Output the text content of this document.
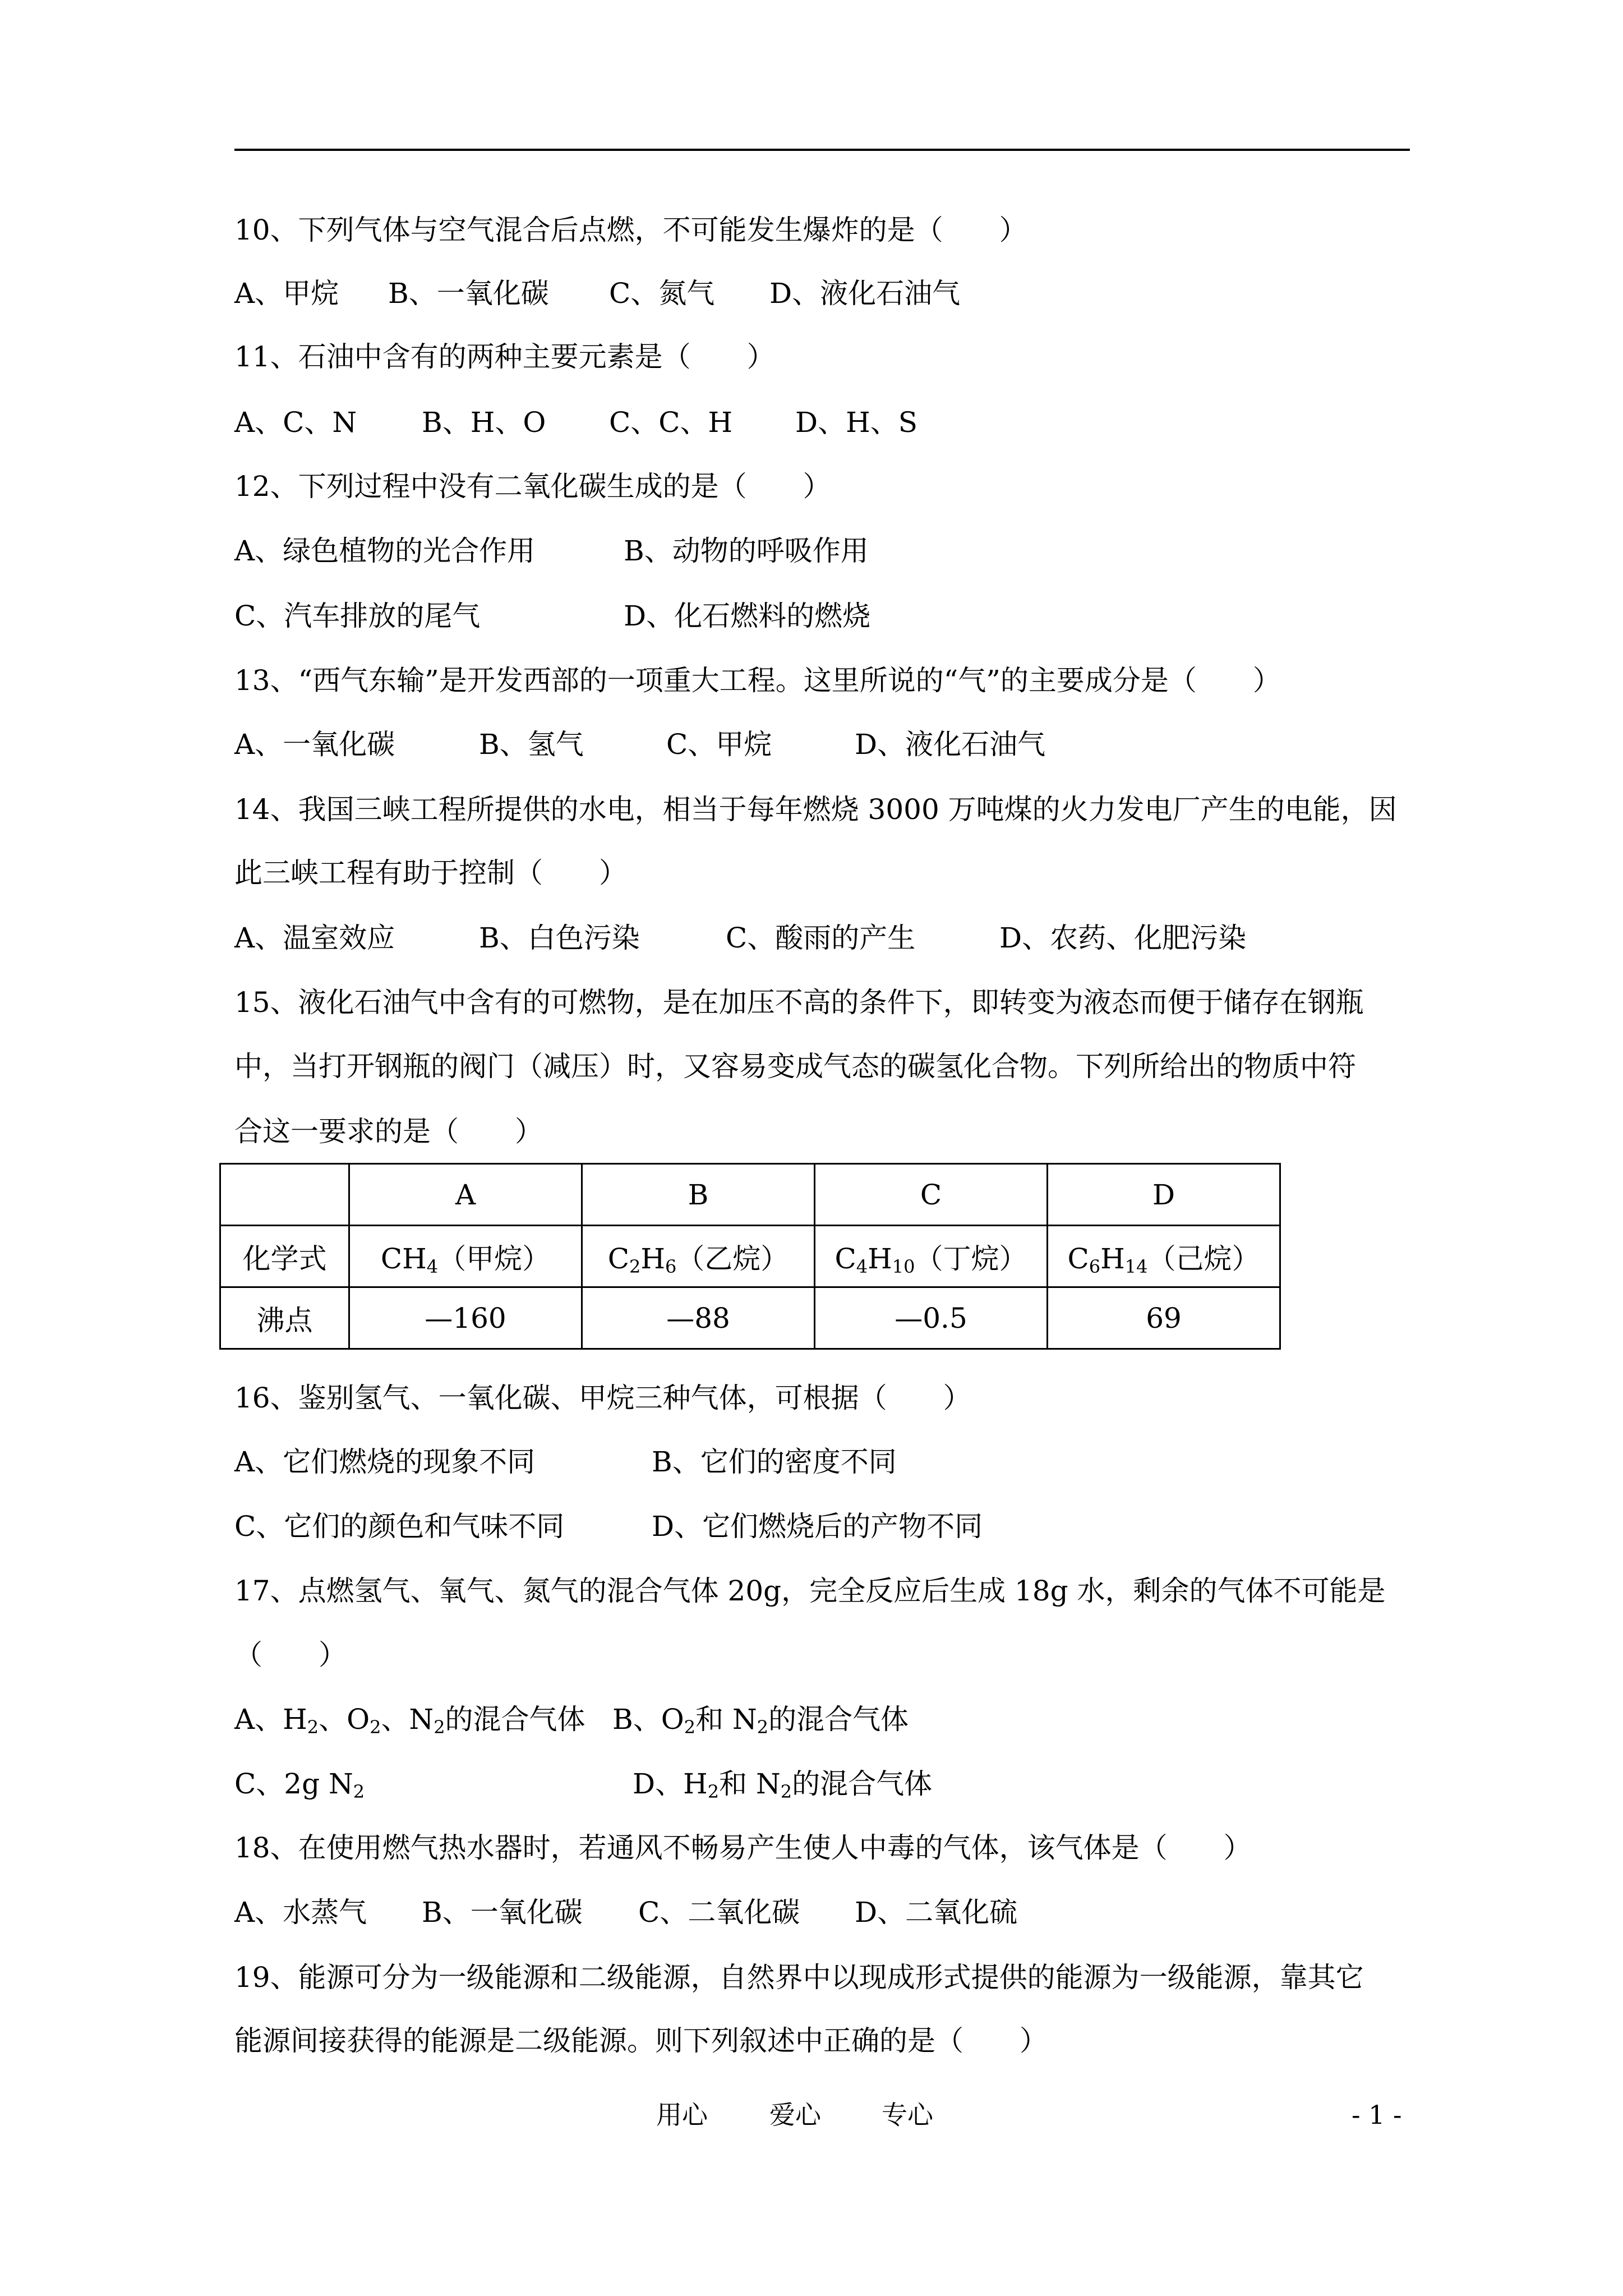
10、下列气体与空气混合后点燃，不可能发生爆炸的是（　　）

A、甲烷

B、一氧化碳

C、氮气

D、液化石油气

11、石油中含有的两种主要元素是（　　）

A、C、N

B、H、O

C、C、H

D、H、S

12、下列过程中没有二氧化碳生成的是（　　）

A、绿色植物的光合作用

	B、动物的呼吸作用

C、汽车排放的尾气

	D、化石燃料的燃烧

13、“西气东输”是开发西部的一项重大工程。这里所说的“气”的主要成分是（　　）

A、一氧化碳

	B、氢气

	C、甲烷

	D、液化石油气

14、我国三峡工程所提供的水电，相当于每年燃烧 3000 万吨煤的火力发电厂产生的电能，因
此三峡工程有助于控制（　　）

A、温室效应

	B、白色污染

	C、酸雨的产生

	D、农药、化肥污染

15、液化石油气中含有的可燃物，是在加压不高的条件下，即转变为液态而便于储存在钢瓶
中，当打开钢瓶的阀门（减压）时，又容易变成气态的碳氢化合物。下列所给出的物质中符
合这一要求的是（　　）
	A	B	C	D
化学式	$CH_4$（甲烷）	$C_2H_6$（乙烷）	$C_4H_{10}$（丁烷）	$C_6H_{14}$（己烷）
沸点	—160	—88	—0.5	69
16、鉴别氢气、一氧化碳、甲烷三种气体，可根据（　　）

A、它们燃烧的现象不同

	B、它们的密度不同

C、它们的颜色和气味不同

	D、它们燃烧后的产物不同

17、点燃氢气、氧气、氮气的混合气体 20g，完全反应后生成 18g 水，剩余的气体不可能是
（　　）

A、$H_2$、$O_2$、$N_2$的混合气体

B、$O_2$和 $N_2$的混合气体

C、2g $N_2$

	D、$H_2$和 $N_2$的混合气体

18、在使用燃气热水器时，若通风不畅易产生使人中毒的气体，该气体是（　　）

A、水蒸气

B、一氧化碳

C、二氧化碳

D、二氧化硫

19、能源可分为一级能源和二级能源，自然界中以现成形式提供的能源为一级能源，靠其它
能源间接获得的能源是二级能源。则下列叙述中正确的是（　　）
用心 爱心 专心	- 1 -
